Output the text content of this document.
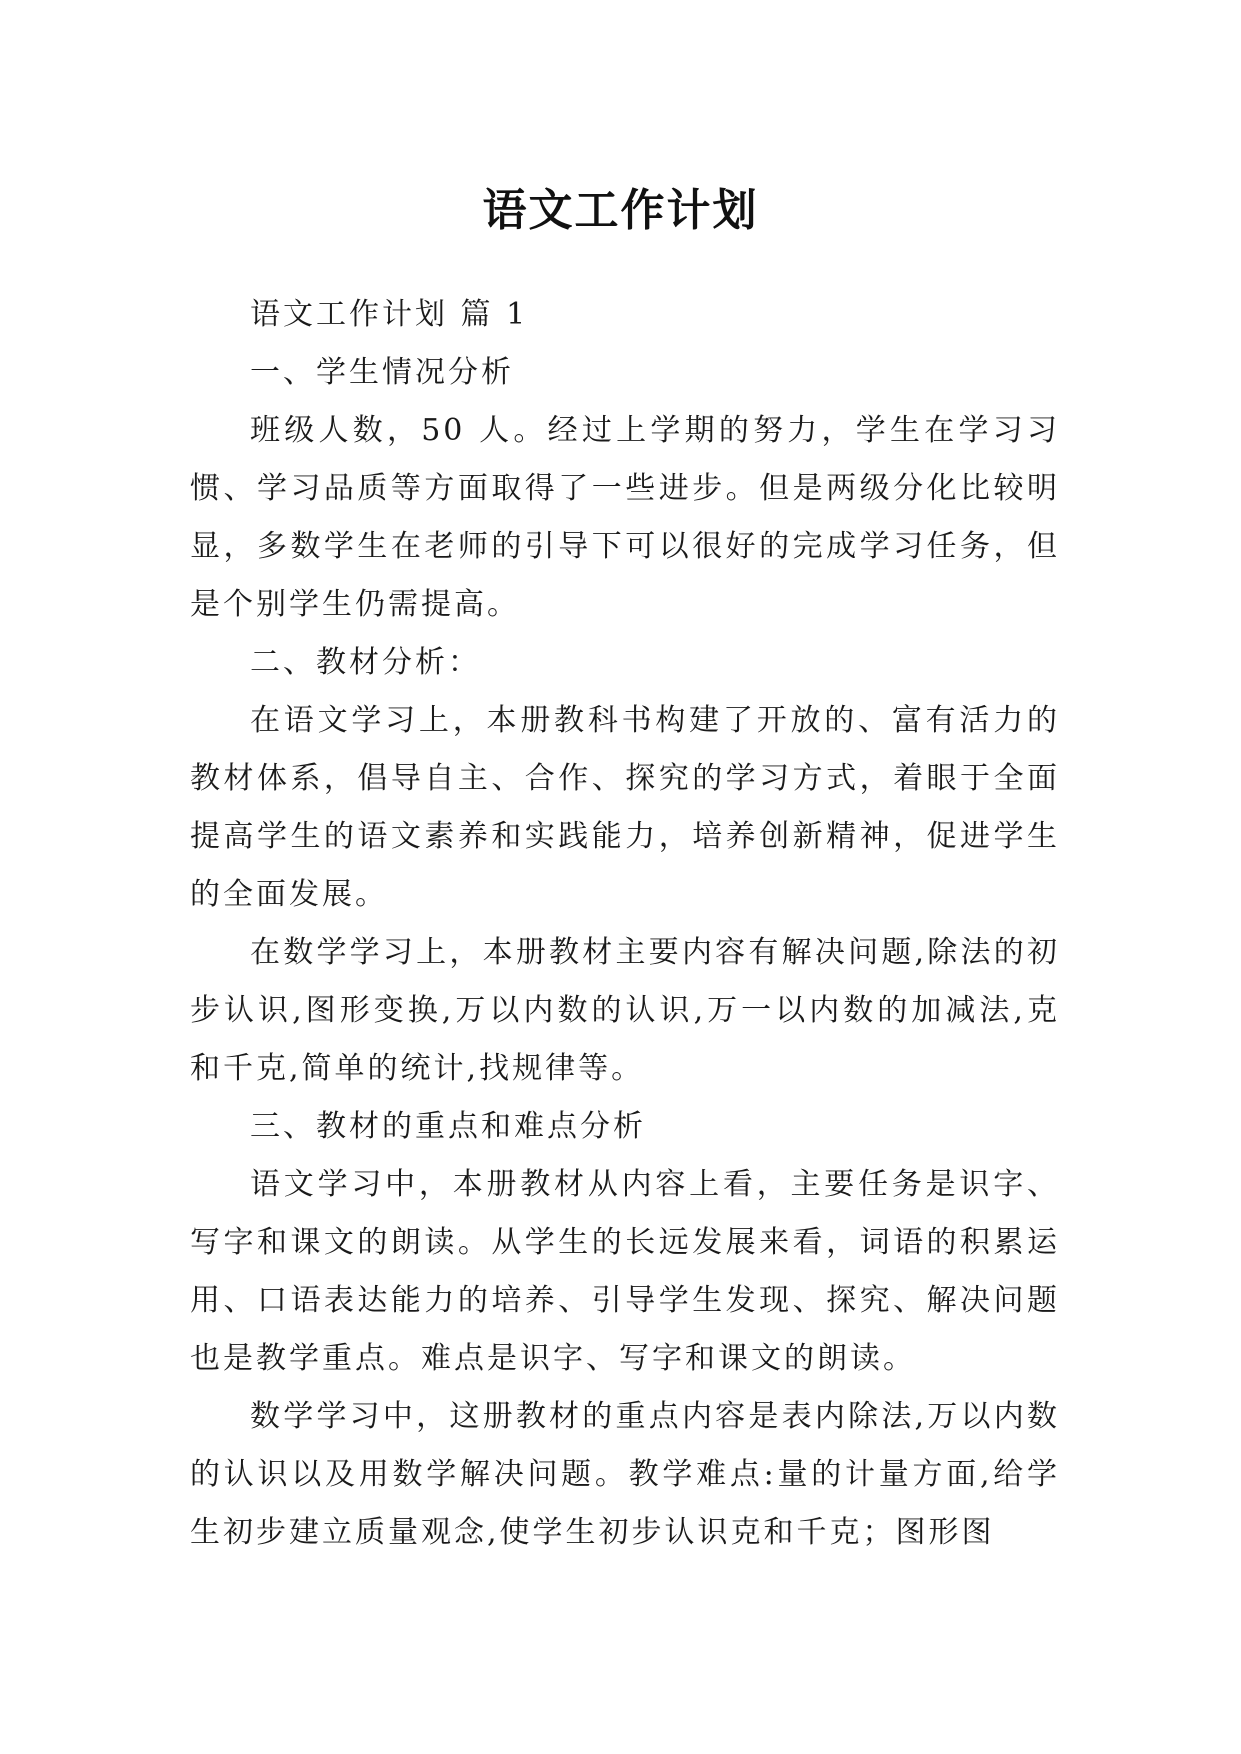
语文工作计划

语文工作计划 篇 1

一、学生情况分析

班级人数，50 人。经过上学期的努力，学生在学习习惯、学习品质等方面取得了一些进步。但是两级分化比较明显，多数学生在老师的引导下可以很好的完成学习任务，但是个别学生仍需提高。

二、教材分析：

在语文学习上，本册教科书构建了开放的、富有活力的教材体系，倡导自主、合作、探究的学习方式，着眼于全面提高学生的语文素养和实践能力，培养创新精神，促进学生的全面发展。

在数学学习上，本册教材主要内容有解决问题,除法的初步认识,图形变换,万以内数的认识,万一以内数的加减法,克和千克,简单的统计,找规律等。

三、教材的重点和难点分析

语文学习中，本册教材从内容上看，主要任务是识字、写字和课文的朗读。从学生的长远发展来看，词语的积累运用、口语表达能力的培养、引导学生发现、探究、解决问题也是教学重点。难点是识字、写字和课文的朗读。

数学学习中，这册教材的重点内容是表内除法,万以内数的认识以及用数学解决问题。教学难点:量的计量方面,给学生初步建立质量观念,使学生初步认识克和千克；图形图
